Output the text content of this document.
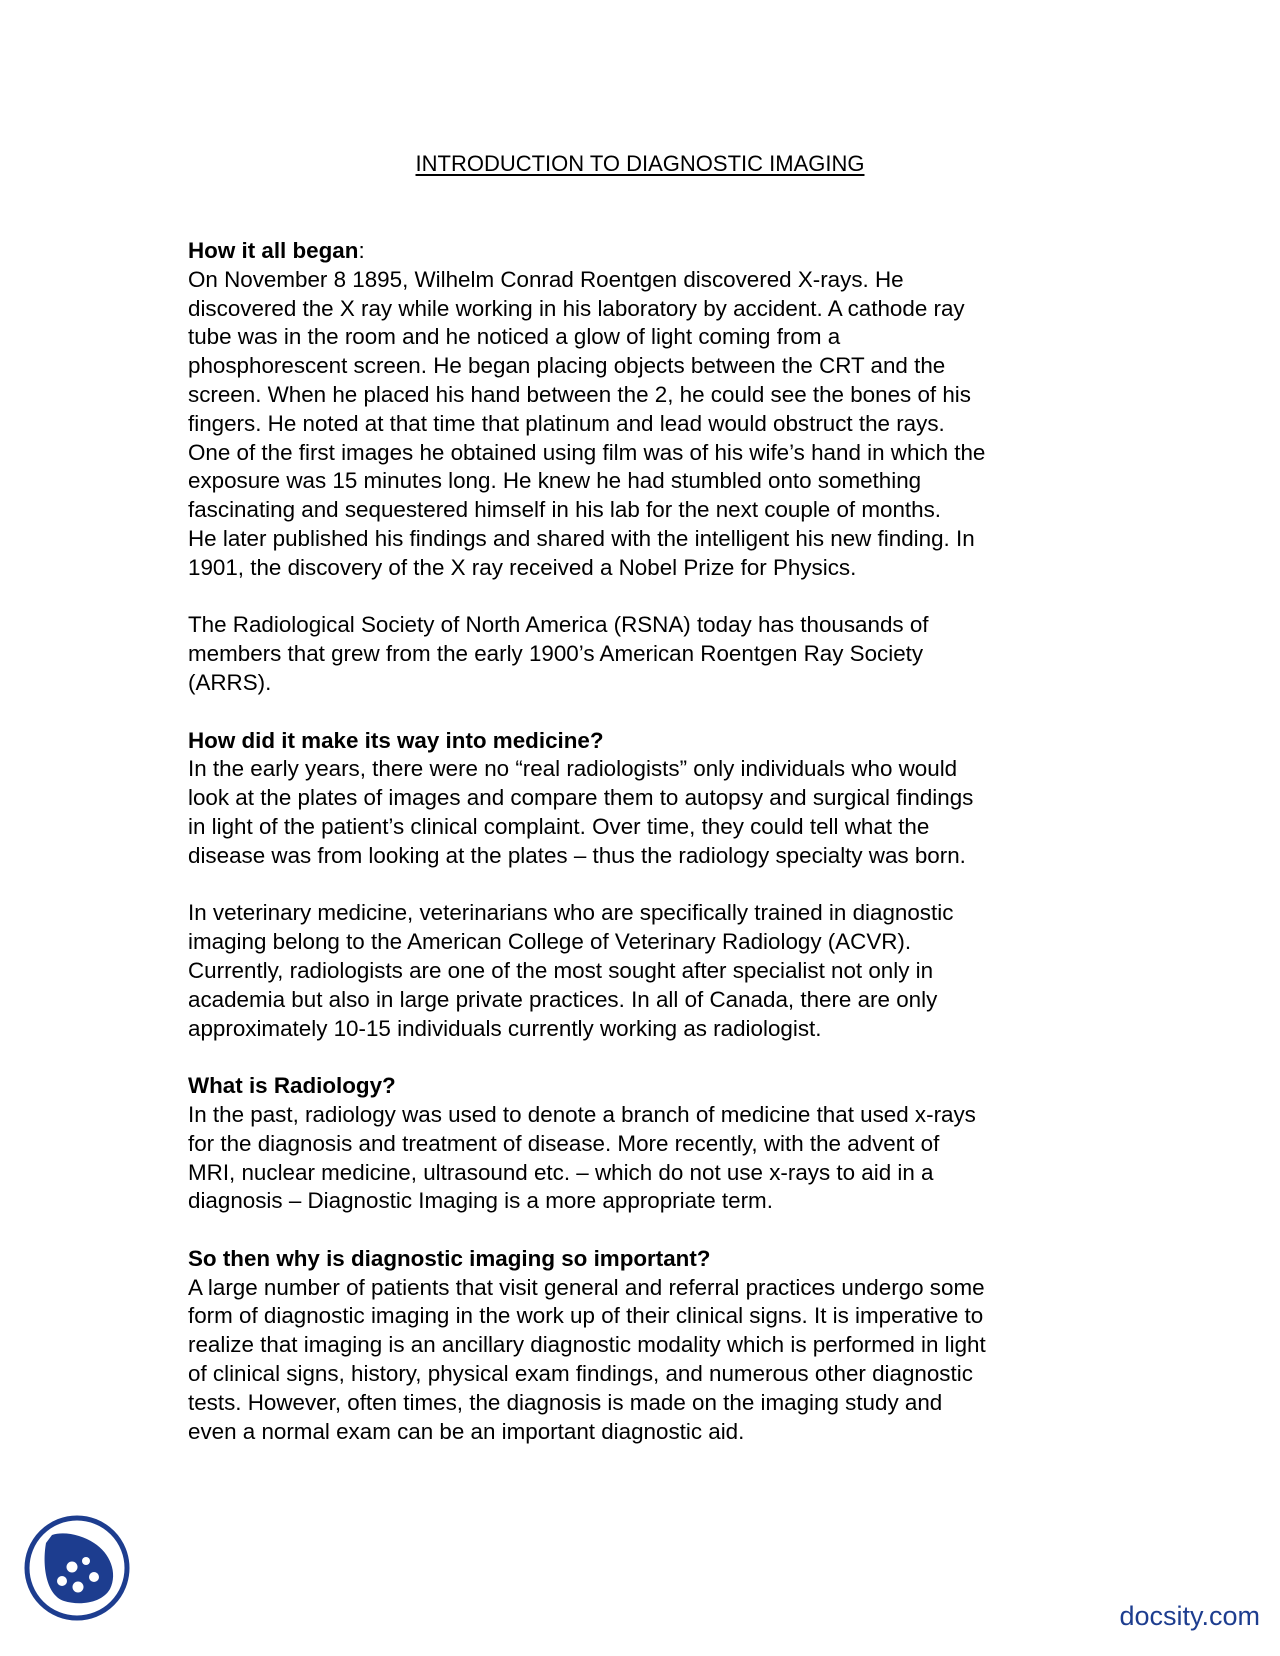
INTRODUCTION TO DIAGNOSTIC IMAGING

How it all began:

On November 8 1895, Wilhelm Conrad Roentgen discovered X-rays. He

discovered the X ray while working in his laboratory by accident. A cathode ray

tube was in the room and he noticed a glow of light coming from a

phosphorescent screen. He began placing objects between the CRT and the

screen. When he placed his hand between the 2, he could see the bones of his

fingers. He noted at that time that platinum and lead would obstruct the rays.

One of the first images he obtained using film was of his wife’s hand in which the

exposure was 15 minutes long. He knew he had stumbled onto something

fascinating and sequestered himself in his lab for the next couple of months.

He later published his findings and shared with the intelligent his new finding. In

1901, the discovery of the X ray received a Nobel Prize for Physics.

The Radiological Society of North America (RSNA) today has thousands of

members that grew from the early 1900’s American Roentgen Ray Society

(ARRS).

How did it make its way into medicine?

In the early years, there were no “real radiologists” only individuals who would

look at the plates of images and compare them to autopsy and surgical findings

in light of the patient’s clinical complaint. Over time, they could tell what the

disease was from looking at the plates – thus the radiology specialty was born.

In veterinary medicine, veterinarians who are specifically trained in diagnostic

imaging belong to the American College of Veterinary Radiology (ACVR).

Currently, radiologists are one of the most sought after specialist not only in

academia but also in large private practices. In all of Canada, there are only

approximately 10-15 individuals currently working as radiologist.

What is Radiology?

In the past, radiology was used to denote a branch of medicine that used x-rays

for the diagnosis and treatment of disease. More recently, with the advent of

MRI, nuclear medicine, ultrasound etc. – which do not use x-rays to aid in a

diagnosis – Diagnostic Imaging is a more appropriate term.

So then why is diagnostic imaging so important?

A large number of patients that visit general and referral practices undergo some

form of diagnostic imaging in the work up of their clinical signs. It is imperative to

realize that imaging is an ancillary diagnostic modality which is performed in light

of clinical signs, history, physical exam findings, and numerous other diagnostic

tests. However, often times, the diagnosis is made on the imaging study and

even a normal exam can be an important diagnostic aid.

docsity.com
